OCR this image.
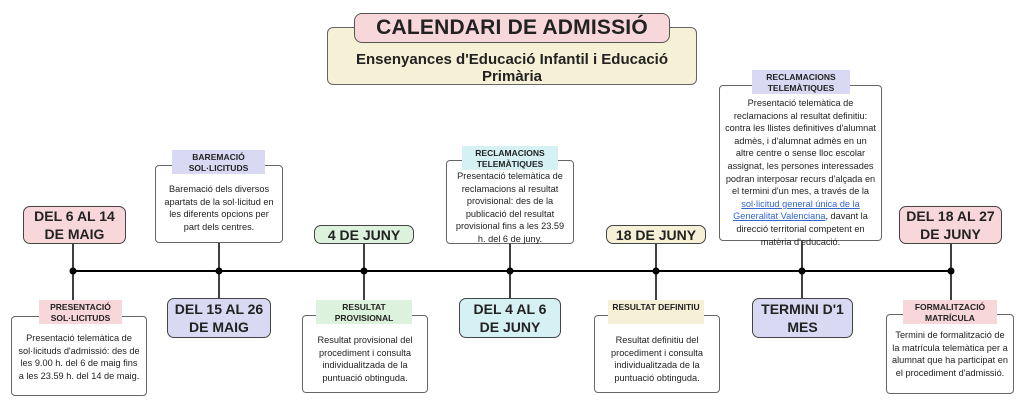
Ensenyances d'Educació Infantil i Educació Primària
CALENDARI DE ADMISSIÓ
DEL 6 AL 14 DE MAIG
Presentació telemàtica de sol·licituds d'admissió: des de les 9.00 h. del 6 de maig fins a les 23.59 h. del 14 de maig.
PRESENTACIÓ SOL·LICITUDS
Baremació dels diversos apartats de la sol·licitud en les diferents opcions per part dels centres.
BAREMACIÓ SOL·LICITUDS
DEL 15 AL 26 DE MAIG
4 DE JUNY
Resultat provisional del procediment i consulta individualitzada de la puntuació obtinguda.
RESULTAT PROVISIONAL
Presentació telemàtica de reclamacions al resultat provisional: des de la publicació del resultat provisional fins a les 23.59 h. del 6 de juny.
RECLAMACIONS TELEMÀTIQUES
DEL 4 AL 6 DE JUNY
18 DE JUNY
Resultat definitiu del procediment i consulta individualitzada de la puntuació obtinguda.
RESULTAT DEFINITIU
Presentació telemàtica de reclamacions al resultat definitiu: contra les llistes definitives d'alumnat admès, i d'alumnat admès en un altre centre o sense lloc escolar assignat, les persones interessades podran interposar recurs d'alçada en el termini d'un mes, a través de la sol·licitud general única de la Generalitat Valenciana, davant la direcció territorial competent en matèria d'educació.
RECLAMACIONS TELEMÀTIQUES
TERMINI D'1 MES
DEL 18 AL 27 DE JUNY
Termini de formalització de la matrícula telemàtica per a alumnat que ha participat en el procediment d'admissió.
FORMALITZACIÓ MATRÍCULA
